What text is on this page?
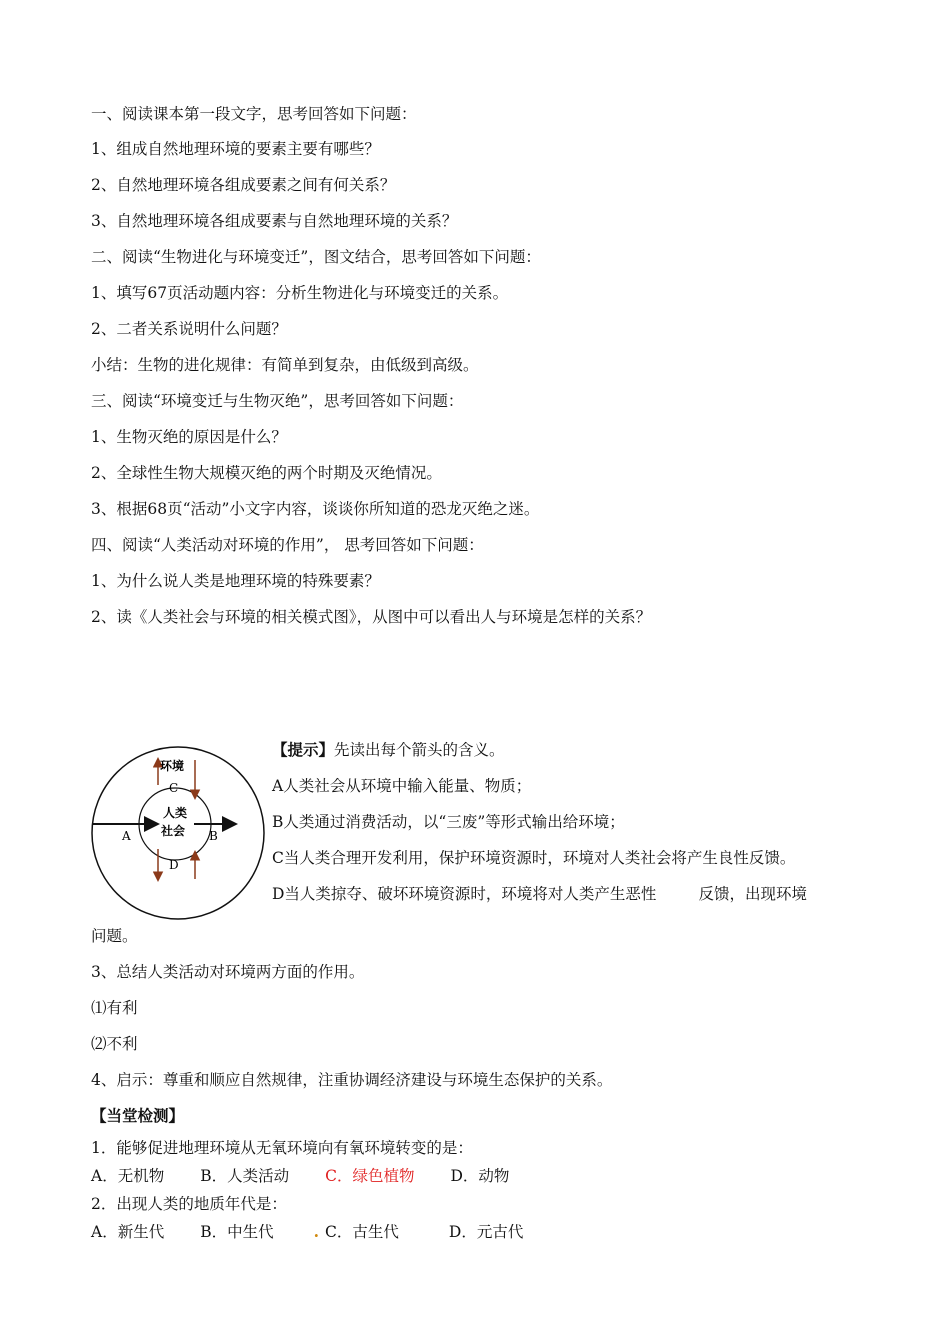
一、阅读课本第一段文字，思考回答如下问题：
1、组成自然地理环境的要素主要有哪些？
2、自然地理环境各组成要素之间有何关系？
3、自然地理环境各组成要素与自然地理环境的关系？
二、阅读“生物进化与环境变迁”，图文结合，思考回答如下问题：
1、填写67页活动题内容：分析生物进化与环境变迁的关系。
2、二者关系说明什么问题？
小结：生物的进化规律：有简单到复杂，由低级到高级。
三、阅读“环境变迁与生物灭绝”，思考回答如下问题：
1、生物灭绝的原因是什么？
2、全球性生物大规模灭绝的两个时期及灭绝情况。
3、根据68页“活动”小文字内容，谈谈你所知道的恐龙灭绝之迷。
四、阅读“人类活动对环境的作用”， 思考回答如下问题：
1、为什么说人类是地理环境的特殊要素？
2、读《人类社会与环境的相关模式图》，从图中可以看出人与环境是怎样的关系？
环境
C
人类
社会
A	B
D
【提示】先读出每个箭头的含义。
A人类社会从环境中输入能量、物质；
B人类通过消费活动，以“三废”等形式输出给环境；
C当人类合理开发利用，保护环境资源时，环境对人类社会将产生良性反馈。
D当人类掠夺、破坏环境资源时，环境将对人类产生恶性	反馈，出现环境
问题。
3、总结人类活动对环境两方面的作用。
⑴有利
⑵不利
4、启示：尊重和顺应自然规律，注重协调经济建设与环境生态保护的关系。
【当堂检测】
1．能够促进地理环境从无氧环境向有氧环境转变的是：
A．无机物 B．人类活动 C．绿色植物 D．动物
2．出现人类的地质年代是：
A．新生代 B．中生代	. C．古生代	D．元古代
